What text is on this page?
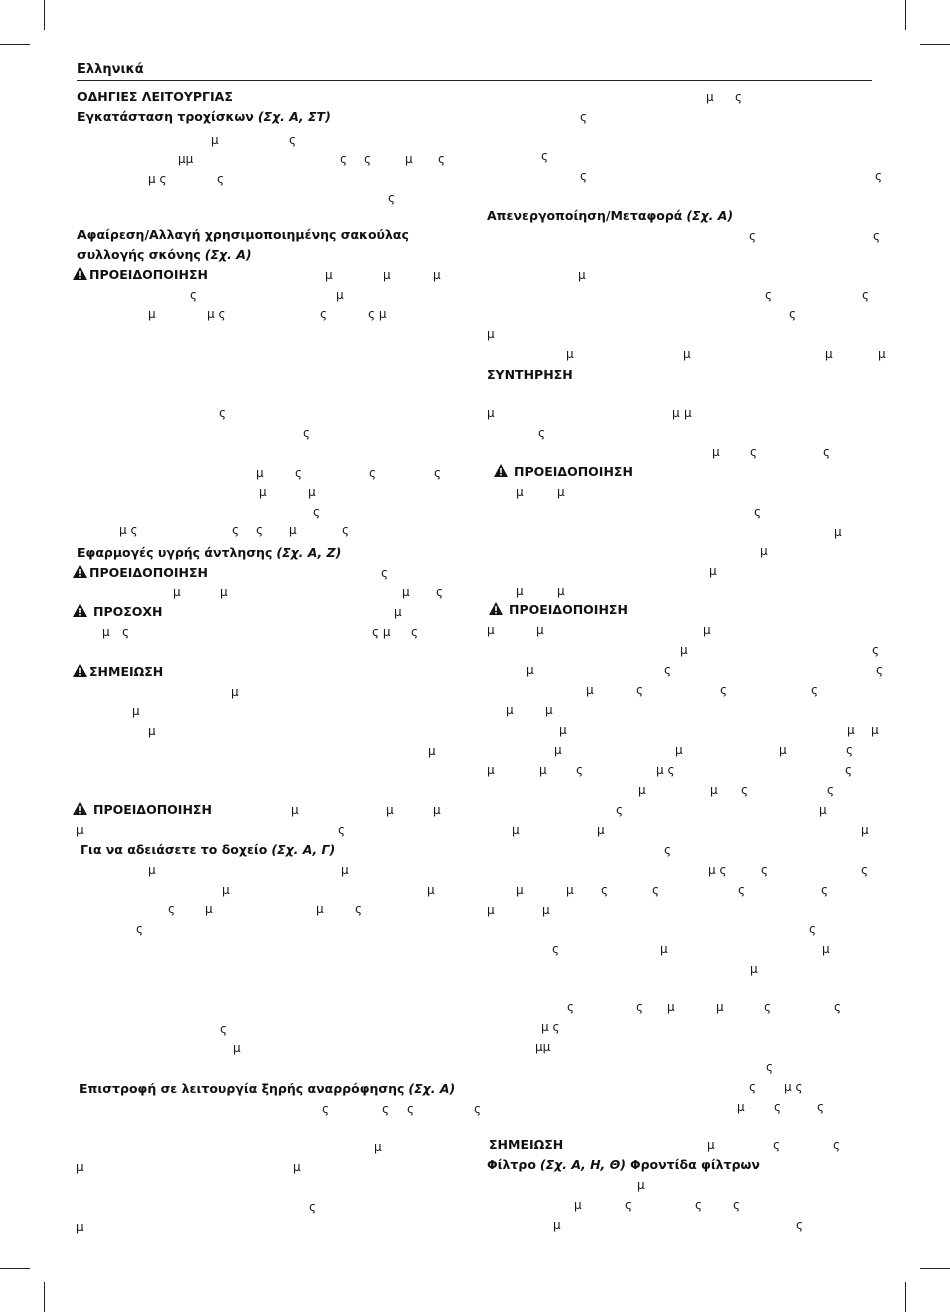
Ελληνικά
ΟΔΗΓΙΕΣ ΛΕΙΤΟΥΡΓΙΑΣ
Εγκατάσταση τροχίσκων (Σχ. Α, ΣΤ)
Αφαίρεση/Αλλαγή χρησιμοποιημένης σακούλας
συλλογής σκόνης (Σχ. Α)
ΠΡΟΕΙΔΟΠΟΙΗΣΗ
Εφαρμογές υγρής άντλησης (Σχ. Α, Ζ)
ΠΡΟΕΙΔΟΠΟΙΗΣΗ
ΠΡΟΣΟΧΗ
ΣΗΜΕΙΩΣΗ
ΠΡΟΕΙΔΟΠΟΙΗΣΗ
Για να αδειάσετε το δοχείο (Σχ. Α, Γ)
Επιστροφή σε λειτουργία ξηρής αναρρόφησης (Σχ. Α)
Απενεργοποίηση/Μεταφορά (Σχ. Α)
ΣΥΝΤΗΡΗΣΗ
ΠΡΟΕΙΔΟΠΟΙΗΣΗ
ΠΡΟΕΙΔΟΠΟΙΗΣΗ
ΣΗΜΕΙΩΣΗ
Φίλτρο (Σχ. Α, Η, Θ) Φροντίδα φίλτρων
μ	ς
μμ	ς ς	μ ς
μ ς	ς
ς
μ	μ	μ
ς	μ
μ	μ ς	ς	ς μ
ς
ς
μ	ς	ς	ς
μ	μ
ς
μ ς	ς ς μ	ς
ς
μ	μ	μ ς
μ
μ ς	ς μ ς
μ
μ
μ
μ
μ	μ	μ
μ	ς
μ	μ
μ	μ
ς μ	μ	ς
ς
ς
μ
ς	ς ς	ς
μ
μ	μ
ς
μ
μ ς
ς
ς
ς	ς
ς	ς
μ
ς	ς
ς
μ
μ	μ	μ	μ
μ	μ μ
ς
μ	ς	ς
μ	μ
ς
μ
μ
μ
μ	μ
μ	μ	μ
μ	ς
μ	ς	ς
μ	ς	ς	ς
μ	μ
μ	μ μ
μ	μ	μ	ς
μ	μ ς	μ ς	ς
μ	μ ς	ς
ς	μ
μ	μ	μ
ς
μ ς	ς	ς
μ	μ ς	ς	ς	ς
μ	μ
ς
ς	μ	μ
μ
ς	ς μ	μ	ς	ς
μ ς
μμ
ς
ς μ ς
μ ς	ς
μ	ς	ς
μ
μ	ς	ς	ς
μ	ς
